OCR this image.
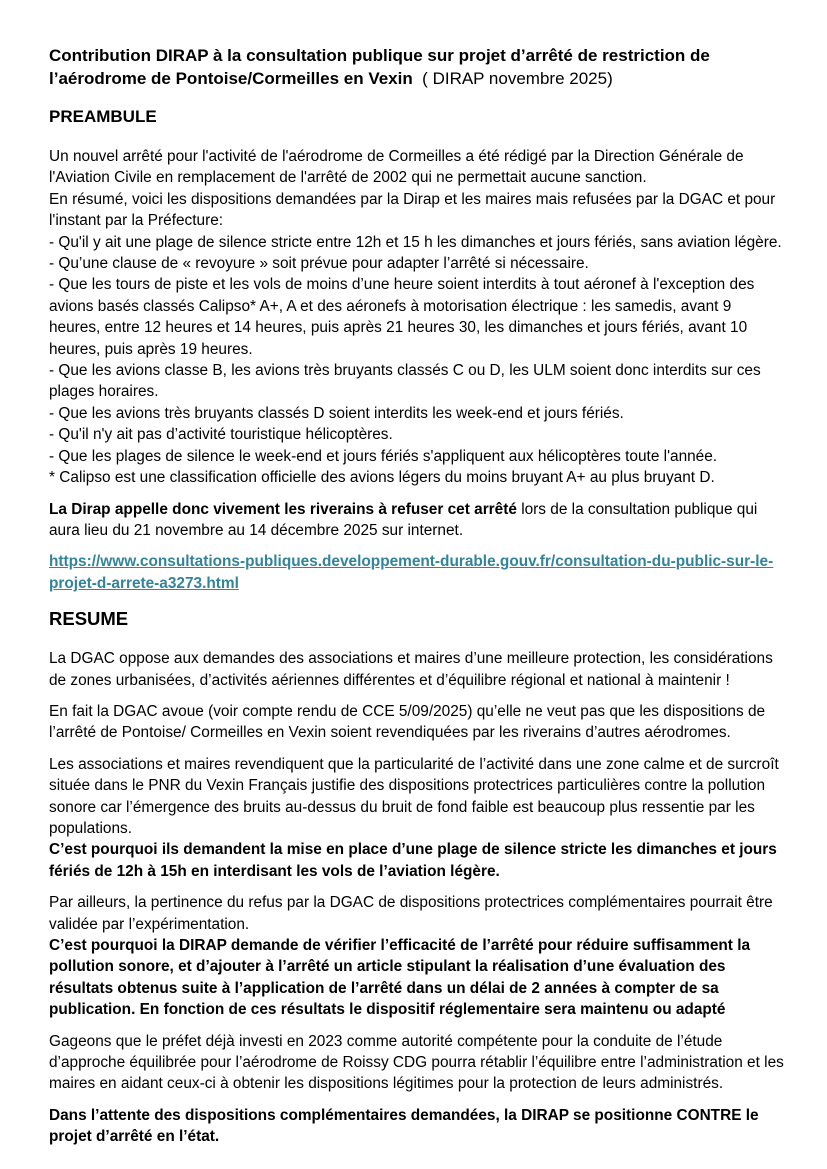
Contribution DIRAP à la consultation publique sur projet d’arrêté de restriction de l’aérodrome de Pontoise/Cormeilles en Vexin  ( DIRAP novembre 2025)

PREAMBULE

Un nouvel arrêté pour l'activité de l'aérodrome de Cormeilles a été rédigé par la Direction Générale de l'Aviation Civile en remplacement de l'arrêté de 2002 qui ne permettait aucune sanction.

En résumé, voici les dispositions demandées par la Dirap et les maires mais refusées par la DGAC et pour l'instant par la Préfecture:

- Qu'il y ait une plage de silence stricte entre 12h et 15 h les dimanches et jours fériés, sans aviation légère.

- Qu’une clause de « revoyure » soit prévue pour adapter l’arrêté si nécessaire.

- Que les tours de piste et les vols de moins d’une heure soient interdits à tout aéronef à l'exception des avions basés classés Calipso* A+, A et des aéronefs à motorisation électrique : les samedis, avant 9 heures, entre 12 heures et 14 heures, puis après 21 heures 30, les dimanches et jours fériés, avant 10 heures, puis après 19 heures.

- Que les avions classe B, les avions très bruyants classés C ou D, les ULM soient donc interdits sur ces plages horaires.

- Que les avions très bruyants classés D soient interdits les week-end et jours fériés.

- Qu'il n'y ait pas d’activité touristique hélicoptères.

- Que les plages de silence le week-end et jours fériés s'appliquent aux hélicoptères toute l'année.

* Calipso est une classification officielle des avions légers du moins bruyant A+ au plus bruyant D.

La Dirap appelle donc vivement les riverains à refuser cet arrêté lors de la consultation publique qui aura lieu du 21 novembre au 14 décembre 2025 sur internet.

https://www.consultations-publiques.developpement-durable.gouv.fr/consultation-du-public-sur-le-projet-d-arrete-a3273.html

RESUME

La DGAC oppose aux demandes des associations et maires d’une meilleure protection, les considérations de zones urbanisées, d’activités aériennes différentes et d’équilibre régional et national à maintenir !

En fait la DGAC avoue (voir compte rendu de CCE 5/09/2025) qu’elle ne veut pas que les dispositions de l’arrêté de Pontoise/ Cormeilles en Vexin soient revendiquées par les riverains d’autres aérodromes.

Les associations et maires revendiquent que la particularité de l’activité dans une zone calme et de surcroît située dans le PNR du Vexin Français justifie des dispositions protectrices particulières contre la pollution sonore car l’émergence des bruits au-dessus du bruit de fond faible est beaucoup plus ressentie par les populations.

C’est pourquoi ils demandent la mise en place d’une plage de silence stricte les dimanches et jours fériés de 12h à 15h en interdisant les vols de l’aviation légère.

Par ailleurs, la pertinence du refus par la DGAC de dispositions protectrices complémentaires pourrait être validée par l’expérimentation.

C’est pourquoi la DIRAP demande de vérifier l’efficacité de l’arrêté pour réduire suffisamment la pollution sonore, et d’ajouter à l’arrêté un article stipulant la réalisation d’une évaluation des résultats obtenus suite à l’application de l’arrêté dans un délai de 2 années à compter de sa publication. En fonction de ces résultats le dispositif réglementaire sera maintenu ou adapté

Gageons que le préfet déjà investi en 2023 comme autorité compétente pour la conduite de l’étude d’approche équilibrée pour l’aérodrome de Roissy CDG pourra rétablir l’équilibre entre l’administration et les maires en aidant ceux-ci à obtenir les dispositions légitimes pour la protection de leurs administrés.

Dans l’attente des dispositions complémentaires demandées, la DIRAP se positionne CONTRE le projet d’arrêté en l’état.
